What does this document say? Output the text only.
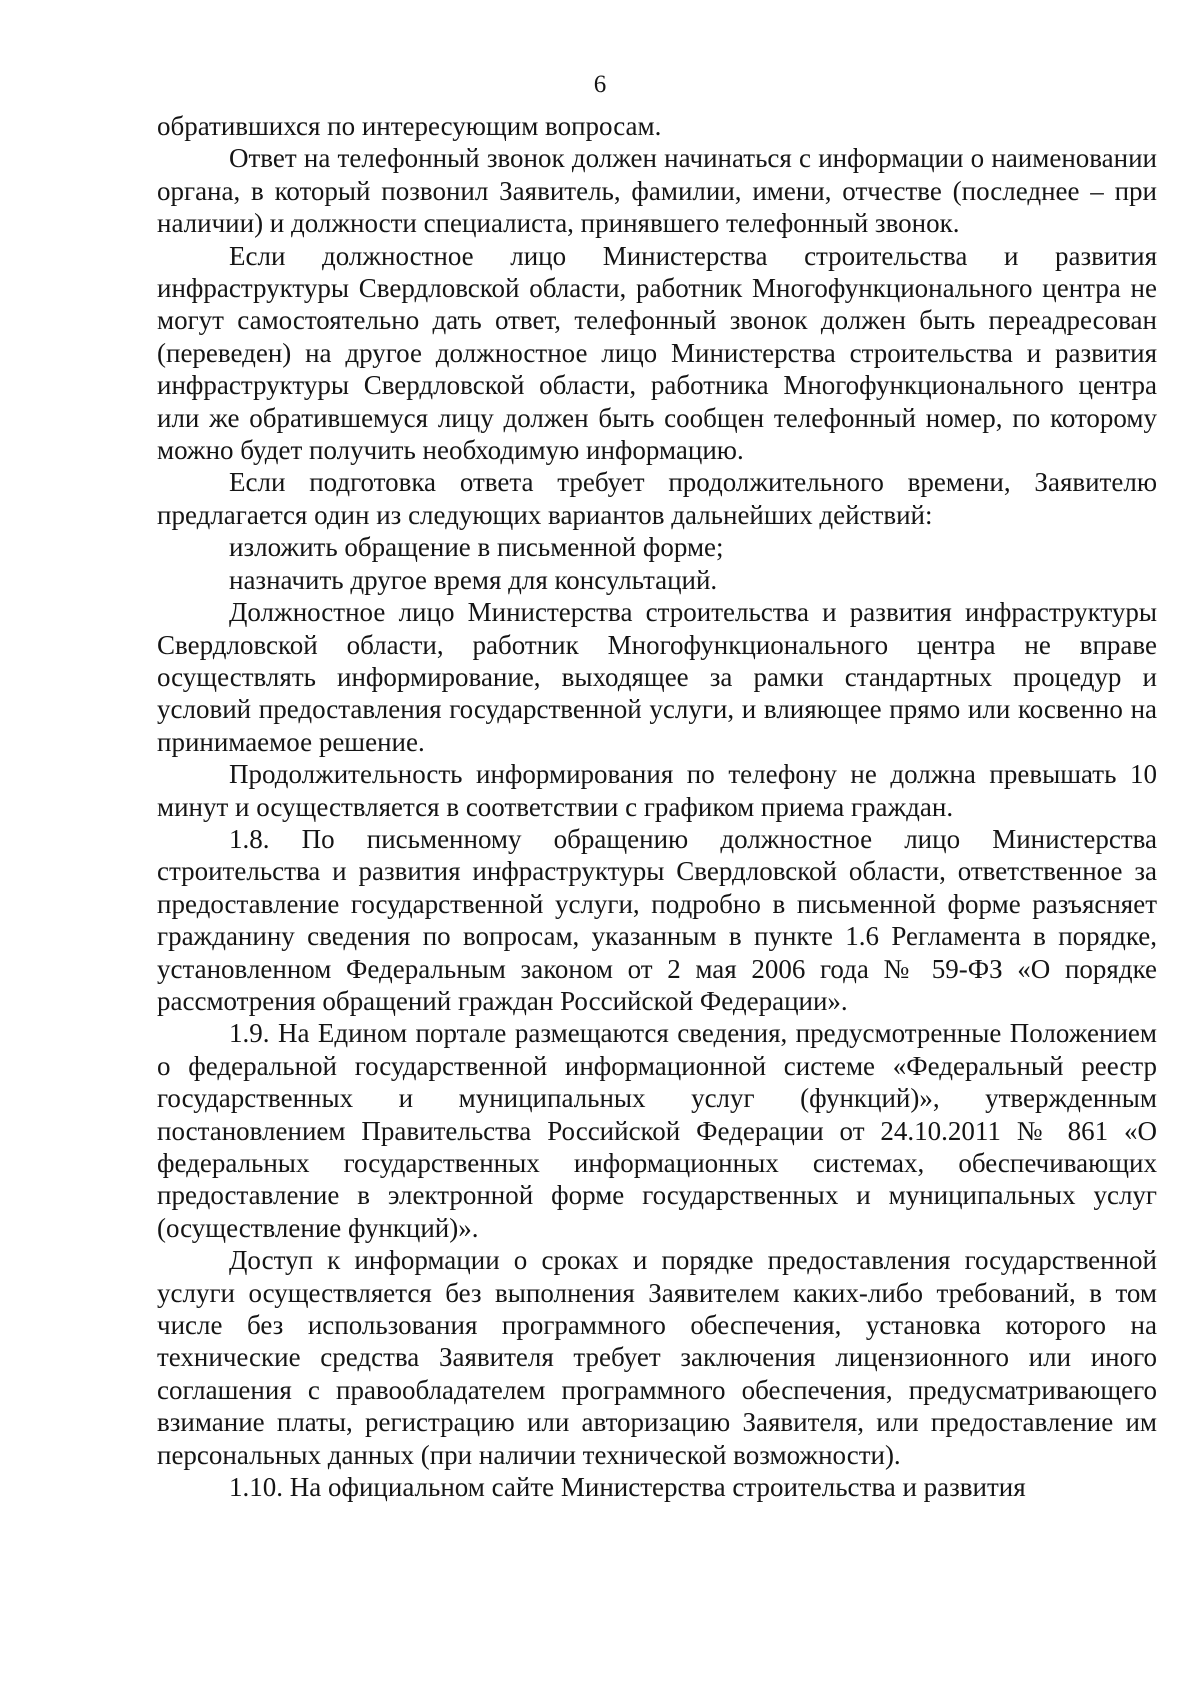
6

обратившихся по интересующим вопросам.

Ответ на телефонный звонок должен начинаться с информации о наименовании органа, в который позвонил Заявитель, фамилии, имени, отчестве (последнее – при наличии) и должности специалиста, принявшего телефонный звонок.

Если должностное лицо Министерства строительства и развития инфраструктуры Свердловской области, работник Многофункционального центра не могут самостоятельно дать ответ, телефонный звонок должен быть переадресован (переведен) на другое должностное лицо Министерства строительства и развития инфраструктуры Свердловской области, работника Многофункционального центра или же обратившемуся лицу должен быть сообщен телефонный номер, по которому можно будет получить необходимую информацию.

Если подготовка ответа требует продолжительного времени, Заявителю предлагается один из следующих вариантов дальнейших действий:

изложить обращение в письменной форме;

назначить другое время для консультаций.

Должностное лицо Министерства строительства и развития инфраструктуры Свердловской области, работник Многофункционального центра не вправе осуществлять информирование, выходящее за рамки стандартных процедур и условий предоставления государственной услуги, и влияющее прямо или косвенно на принимаемое решение.

Продолжительность информирования по телефону не должна превышать 10 минут и осуществляется в соответствии с графиком приема граждан.

1.8. По письменному обращению должностное лицо Министерства строительства и развития инфраструктуры Свердловской области, ответственное за предоставление государственной услуги, подробно в письменной форме разъясняет гражданину сведения по вопросам, указанным в пункте 1.6 Регламента в порядке, установленном Федеральным законом от 2 мая 2006 года № 59-ФЗ «О порядке рассмотрения обращений граждан Российской Федерации».

1.9. На Едином портале размещаются сведения, предусмотренные Положением о федеральной государственной информационной системе «Федеральный реестр государственных и муниципальных услуг (функций)», утвержденным постановлением Правительства Российской Федерации от 24.10.2011 № 861 «О федеральных государственных информационных системах, обеспечивающих предоставление в электронной форме государственных и муниципальных услуг (осуществление функций)».

Доступ к информации о сроках и порядке предоставления государственной услуги осуществляется без выполнения Заявителем каких-либо требований, в том числе без использования программного обеспечения, установка которого на технические средства Заявителя требует заключения лицензионного или иного соглашения с правообладателем программного обеспечения, предусматривающего взимание платы, регистрацию или авторизацию Заявителя, или предоставление им персональных данных (при наличии технической возможности).

1.10. На официальном сайте Министерства строительства и развития
